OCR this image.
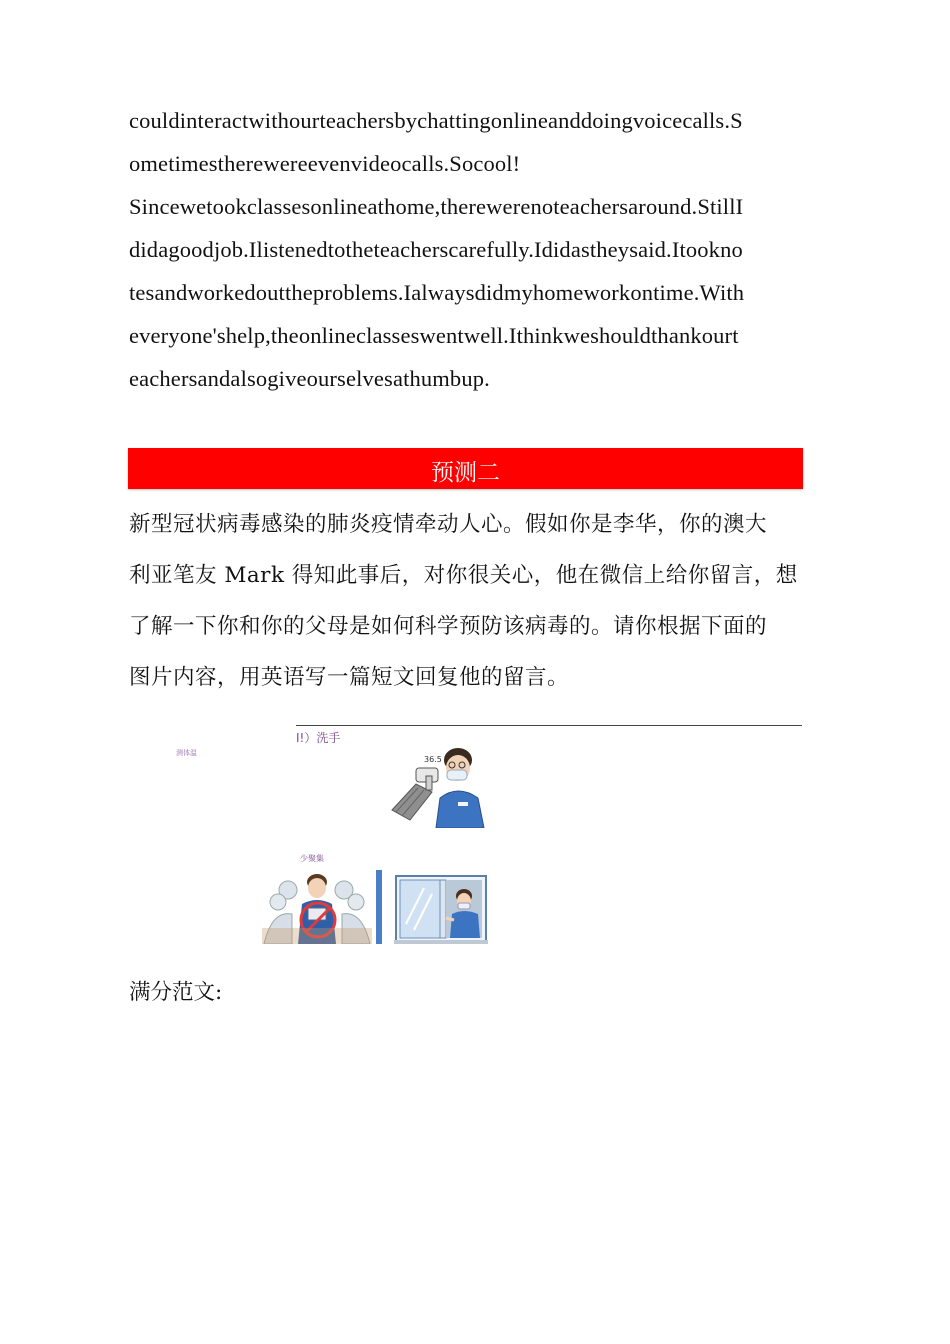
couldinteractwithourteachersbychattingonlineanddoingvoicecalls.S
ometimestherewereevenvideocalls.Socool!
Sincewetookclassesonlineathome,therewerenoteachersaround.StillI
didagoodjob.Ilistenedtotheteacherscarefully.Ididastheysaid.Itookno
tesandworkedouttheproblems.Ialwaysdidmyhomeworkontime.With
everyone'shelp,theonlineclasseswentwell.Ithinkweshouldthankourt
eachersandalsogiveourselvesathumbup.
预测二
新型冠状病毒感染的肺炎疫情牵动人心。假如你是李华，你的澳大
利亚笔友 Mark 得知此事后，对你很关心，他在微信上给你留言，想
了解一下你和你的父母是如何科学预防该病毒的。请你根据下面的
图片内容，用英语写一篇短文回复他的留言。
I!）洗手
测体温
少聚集
36.5
满分范文:
